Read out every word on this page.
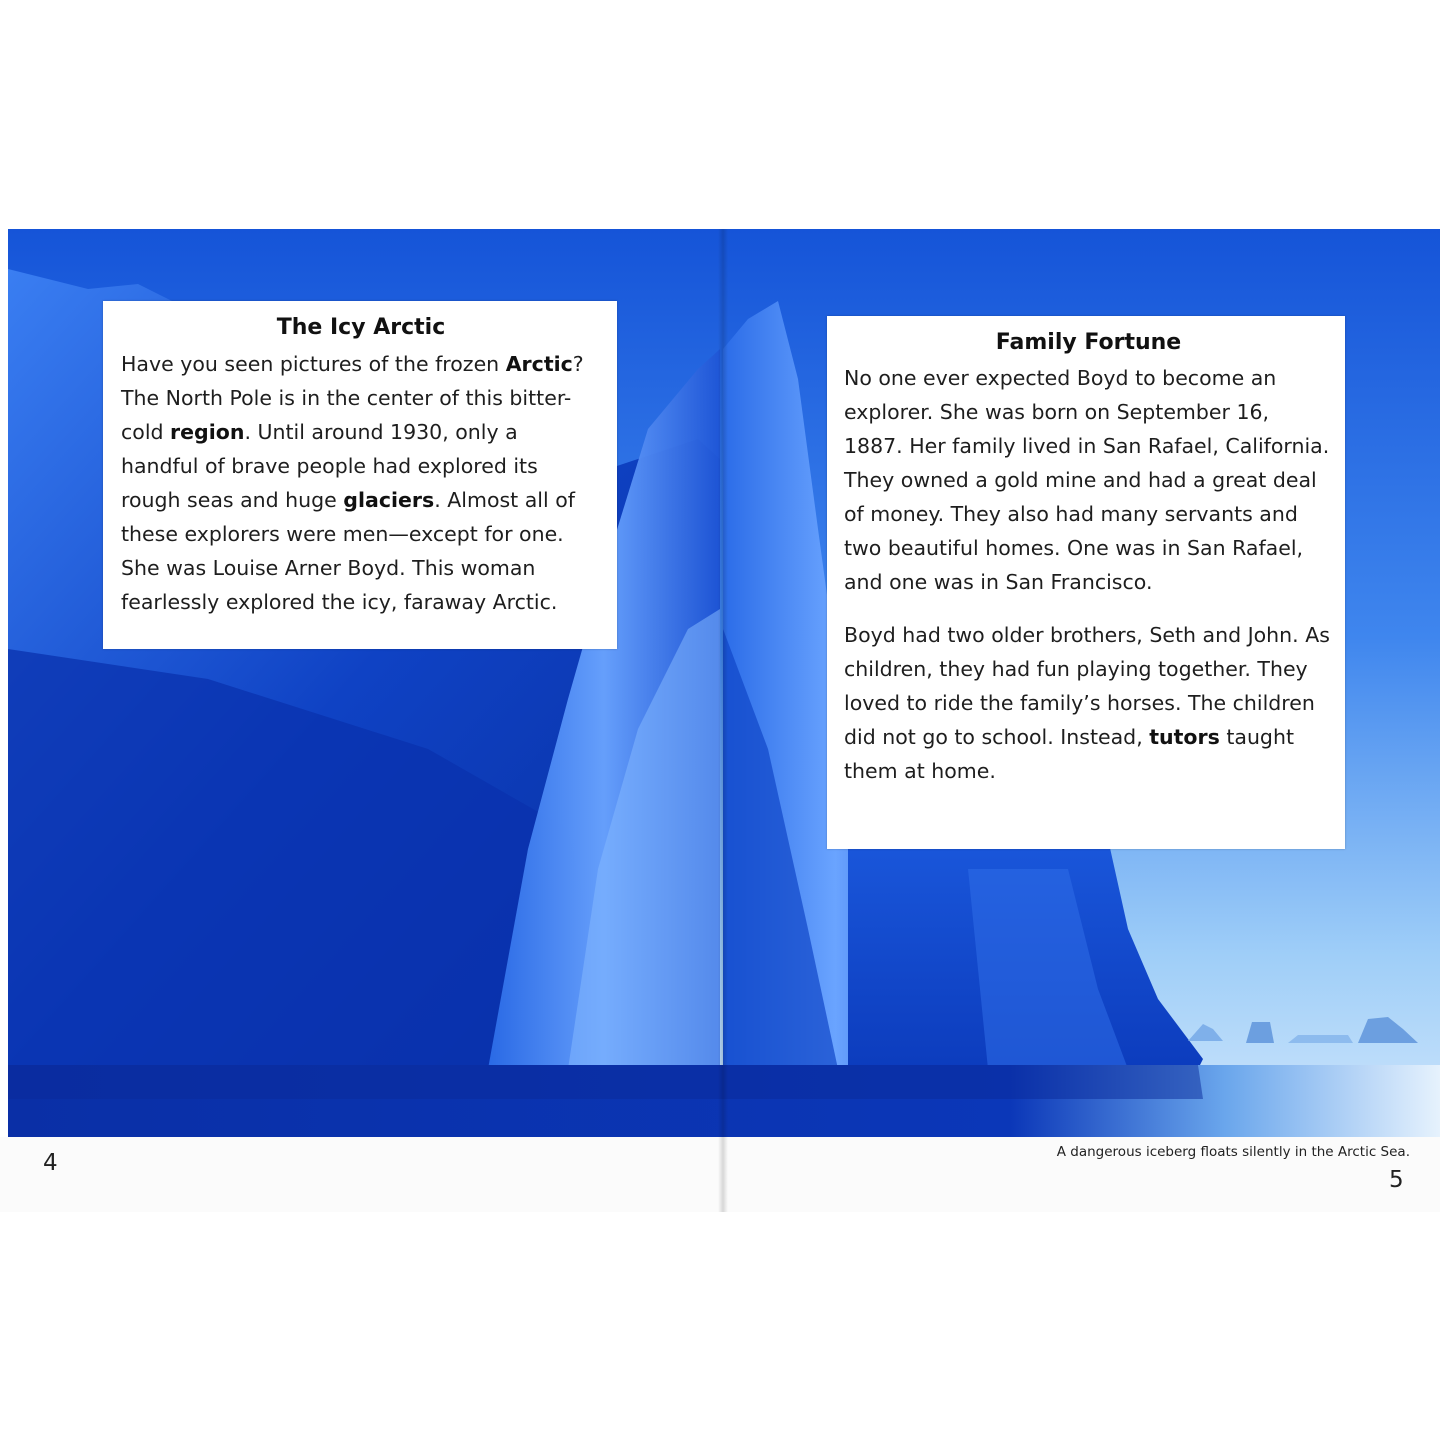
The Icy Arctic

Have you seen pictures of the frozen Arctic? The North Pole is in the center of this bitter-cold region. Until around 1930, only a handful of brave people had explored its rough seas and huge glaciers. Almost all of these explorers were men—except for one. She was Louise Arner Boyd. This woman fearlessly explored the icy, faraway Arctic.

Family Fortune

No one ever expected Boyd to become an explorer. She was born on September 16, 1887. Her family lived in San Rafael, California. They owned a gold mine and had a great deal of money. They also had many servants and two beautiful homes. One was in San Rafael, and one was in San Francisco.

Boyd had two older brothers, Seth and John. As children, they had fun playing together. They loved to ride the family’s horses. The children did not go to school. Instead, tutors taught them at home.

4	A dangerous iceberg floats silently in the Arctic Sea.
5
